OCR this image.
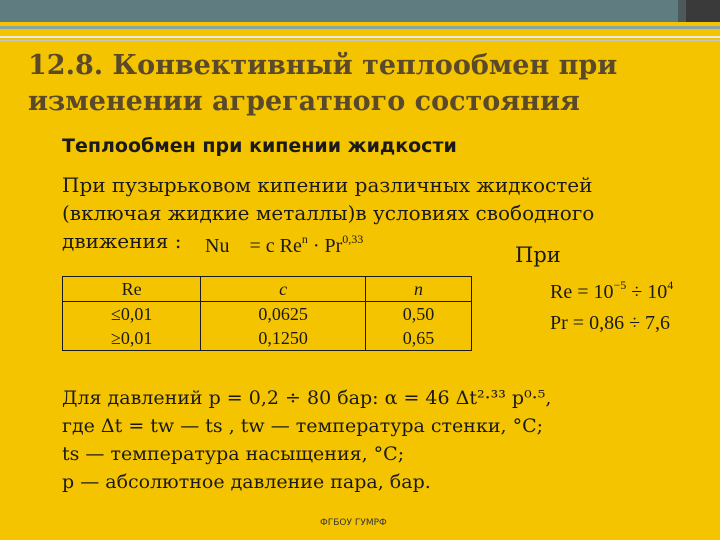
12.8. Конвективный теплообмен при изменении агрегатного состояния
Теплообмен при кипении жидкости
При пузырьковом кипении различных жидкостей (включая жидкие металлы)в условиях свободного движения :	Nu = c $Re^n \cdot Pr^{0,33}$
При
Re	c	n
≤0,01	0,0625	0,50
≥0,01	0,1250	0,65
$Re = 10^{-5} \div 10^4$
Pr = 0,86 ÷ 7,6
Для давлений p = 0,2 ÷ 80 бар: α = 46 Δt²·³³ p⁰·⁵,
где Δt = tw — ts , tw — температура стенки, °C;
ts — температура насыщения, °C;
p — абсолютное давление пара, бар.
ФГБОУ ГУМРФ
